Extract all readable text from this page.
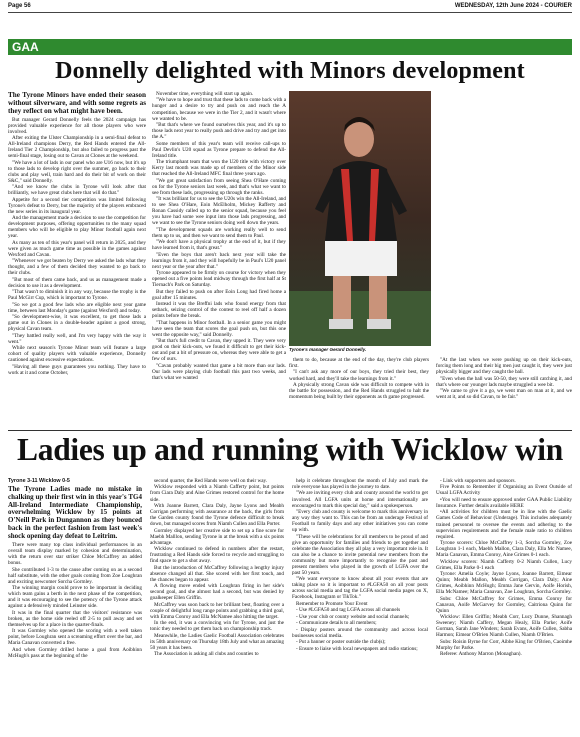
Page 56	WEDNESDAY, 12th June 2024 - COURIER
GAA
Donnelly delighted with Minors development

The Tyrone Minors have ended their season without silverware, and with some regrets as they reflect on what might have been.

But manager Gerard Donnelly feels the 2024 campaign has provided valuable experience for all those players who were involved.

After exiting the Ulster Championship in a semi-final defeat to All-Ireland champions Derry, the Red Hands entered the All-Ireland Tier 2 Championship, but also failed to progress past the semi-final stage, losing out to Cavan at Clones at the weekend.

"We have a lot of lads in our panel who are U16 now, but it's up to those lads to develop right over the summer, go back to their clubs and play well, train hard and do their bit of work on their S&C," said Donnelly.

"And we know the clubs in Tyrone will look after that brilliantly, we have great clubs here that will do that."

Appetite for a second tier competition was limited following Tyrone's defeat to Derry, but the majority of the players embraced the new series in its inaugural year.

And the management made a decision to use the competition for development purposes, offering opportunities to the many squad members who will be eligible to play Minor football again next year.

As many as ten of this year's panel will return in 2025, and they were given as much game time as possible in the games against Wexford and Cavan.

"Whenever we got beaten by Derry we asked the lads what they thought, and a few of them decided they wanted to go back to their clubs.

"But most of them came back, and us as management made a decision to use it as a development.

"That wasn't to diminish it in any way, because the trophy is the Paul McGirr Cup, which is important to Tyrone.

"So we got a good few lads who are eligible next year game time, between last Monday's game (against Wexford) and today.

"So development-wise, it was excellent, to get those lads a game out in Clones in a double-header against a good strong, physical Cavan team.

"They battled really well, and I'm very happy with the way it went."

While next season's Tyrone Minor team will feature a large cohort of quality players with valuable experience, Donnelly cautioned against excessive expectations.

"Having all these guys guarantees you nothing. They have to work at it and come October,

November time, everything will start up again.

"We have to hope and trust that these lads to come back with a hunger and a desire to try and push on and reach the A competition, because we were in the Tier 2, and it wasn't where we wanted to be.

"But that's where we found ourselves this year, and it's up to those lads next year to really push and drive and try and get into the A."

Some members of this year's team will receive call-ups to Paul Devlin's U20 squad as Tyrone prepare to defend the All-Ireland title.

The triumphant team that won the U20 title with victory over Kerry last month was made up of members of the Minor side that reached the All-Ireland MFC final three years ago.

"We got great satisfaction from seeing Shea O'Hare coming on for the Tyrone seniors last week, and that's what we want to see from these lads, progressing up through the ranks.

"It was brilliant for us to see the U20s win the All-Ireland, and to see Shea O'Hare, Eoin McElholm, Mickey Rafferty and Ronan Cassidy called up to the senior squad, because you feel you have had some wee input into those lads progressing, and we want to see the Tyrone seniors doing well down the years.

"The development squads are working really well to send them up to us, and then we want to send them to Paul.

"We don't have a physical trophy at the end of it, but if they have learned from it, that's great."

"Even the boys that aren't back next year will take the learnings from it, and they will hopefully be in Paul's U20 panel next year or the year after that."

Tyrone appeared to be firmly on course for victory when they opened out a five points lead midway through the first half at St Tiernach's Park on Saturday.

But they failed to push on after Eoin Long had fired home a goal after 15 minutes.

Instead it was the Breffni lads who found energy from that setback, seizing control of the contest to reel off half a dozen points before the break.

"That happens in Minor football. In a senior game you might have seen the team that scores the goal push on, but this one went the opposite way," said Donnelly.

"But that's full credit to Cavan, they upped it. They were very good on their kick-outs, we found it difficult to get their kick-out and put a bit of pressure on, whereas they were able to get a few of ours.

"Cavan probably wanted that game a bit more than our lads. Our lads were playing club football this past two weeks, and that's what we wanted

them to do, because at the end of the day, they're club players first.

"I can't ask any more of our boys, they tried their best, they worked hard, and they'll take the learnings from it."

A physically strong Cavan side was difficult to compete with in the battle for possession, and the Red Hands struggled to halt the momentum being built by their opponents as th game progressed.

"At the last when we were pushing up on their kick-outs, forcing them long and their big men just caught it, they were just physically bigger and they caught the ball.

"Even when the ball was 50-50, they were still catching it, and that's where our younger lads maybe struggled a wee bit.

"We came to give it a go, we went man on man at it, and we went at it, and so did Cavan, to be fair."

Tyrone's manager Gerard Donnelly.
Ladies up and running with Wicklow win

Tyrone 3-11 Wicklow 0-5

The Tyrone Ladies made no mistake in chalking up their first win in this year's TG4 All-Ireland Intermediate Championship, overwhelming Wicklow by 15 points at O'Neill Park in Dungannon as they bounced back in the perfect fashion from last week's shock opening day defeat to Leitrim.

There were many top class individual performances in an overall team display marked by cohesion and determination, with the return over star striker Chloe McCaffrey an added bonus.

She contributed 1-3 to the cause after coming on as a second half substitute, with the other goals coming from Zoe Loughran and exciting newcomer Sorcha Gormley.

The winning margin could prove to be important in deciding which team gains a berth in the next phase of the competition, and it was encouraging to see the potency of the Tyrone attack against a defensively minded Leinster side.

It was in the final quarter that the visitors' resistance was broken, as the home side reeled off 2-5 to pull away and set themselves up for a place in the quarter-finals.

It was Gormley who opened the scoring with a well taken point, before Loughran sent a screaming effort over the bar, and Maria Canavan converted a free.

And when Gormley drilled home a goal from Aoibhinn McHugh's pass at the beginning of the

second quarter, the Red Hands were well on their way.

Wicklow responded with a Niamh Cafferty point, but points from Ciara Daly and Aine Grimes restored control for the home side.

With Joanne Barrett, Clara Daly, Jayne Lyons and Meabh Corrigan performing with assurance at the back, the girls from the Garden county found the Tyrone defence difficult to break down, but managed scores from Niamh Cullen and Ella Porter.

Gormley displayed her creative side to set up a fine score for Maebh Malllon, sending Tyrone in at the break with a six points advantage.

Wicklow continued to defend in numbers after the restart, frustrating a Red Hands side forced to recycle and struggling to find space to get a shot away.

But the introduction of McCaffrey following a lengthy injury absence changed all that. She scored with her first touch, and the chances began to appear.

A flowing move ended with Loughran firing in her side's second goal, and she almost had a second, but was denied by goalkeeper Ellen Griffin.

McCaffrey was soon back to her brilliant best, floating over a couple of delightful long range points and grabbing a third goal, with Emma Conroy and Ella McNamee also hitting the target.

In the end, it was a convincing win for Tyrone, and just the tonic they needed to get them back on championship track.

Meanwhile, the Ladies Gaelic Football Association celebrates its 50th anniversary on Thursday 18th July and what an amazing 50 years it has been.

The Association is asking all clubs and counties to

help it celebrate throughout the month of July and mark the role everyone has played in the journey to date.

"We are inviting every club and county around the world to get involved. All LGFA units at home and internationally are encouraged to mark this special day," said a spokesperson.

"Every club and county is welcome to mark this anniversary in any way they want to. This can be from an underage Festival of Football to family days and any other initiatives you can come up with.

"These will be celebrations for all members to be proud of and give an opportunity for families and friends to get together and celebrate the Association they all play a very important role in. It can also be a chance to invite potential new members from the community but more importantly to recognise the past and present members who played in the growth of LGFA over the past 50 years.

"We want everyone to know about all your events that are taking place so it is important to #LGFA50 on all your posts across social media and tag the LGFA social media pages on X, Facebook, Instagram or TikTok."

Remember to Promote Your Event

- Use #LGFA50 and tag LGFA across all channels

- Use your club or county website and social channels;

- Communicate details to all members;

- Display posters around the community and across local businesses social media.

- Put a banner or poster outside the club(s);

- Ensure to liaise with local newspapers and radio stations;

- Link with supporters and sponsors.

Five Points to Remember if Organising an Event Outside of Usual LGFA Activity

•You will need to ensure approved under GAA Public Liability Insurance. Further details available HERE

•All activities for children must be in line with the Gaelic Games Code of Behaviour (Underage). This includes adequately trained personnel to oversee the events and adhering to the supervision requirements and the female male ratio to children required.

Tyrone scorers: Chloe McCaffrey 1-3, Sorcha Gormley, Zoe Loughran 1-1 each, Maebh Mallon, Clara Daly, Ella Mc Namee, Maria Canavan, Emma Conroy, Aine Grimes 0-1 each.

Wicklow scorers: Niamh Cafferty 0-2 Niamh Cullen, Lucy Grimes, Ella Parke 0-1 each

Tyrone: Amelia Coyle; Jayne Lyons, Joanne Barrett, Eimear Quinn; Meabh Mallon, Meabh Corrigan, Clara Daly; Aine Grimes, Aoibhinn McHugh; Emma Jane Gervin, Aoife Horish, Ella McNamee; Maria Canavan, Zoe Loughran, Sorcha Gormley.

Subs: Chloe McCaffrey for Grimes, Emma Conroy for Canavan, Aoife McGarvey for Gormley, Caitriona Quinn for Quinn

Wicklow: Ellen Griffin; Meabh Corr, Lucy Dunne, Shannagh Sweeney; Niamh Caffery, Megan Healy, Ella Parke; Aoife Gorman, Sarah Jane Winders; Sarah Evans, Aoife Cullen, Sabha Harmon; Eimear O'Brien Niamh Cullen, Niamh O'Brien.

Subs: Roisin Byrne for Corr, Aibhe King for O'Brien, Caoimhe Murphy for Parke.

Referee: Anthony Marron (Monaghan).
